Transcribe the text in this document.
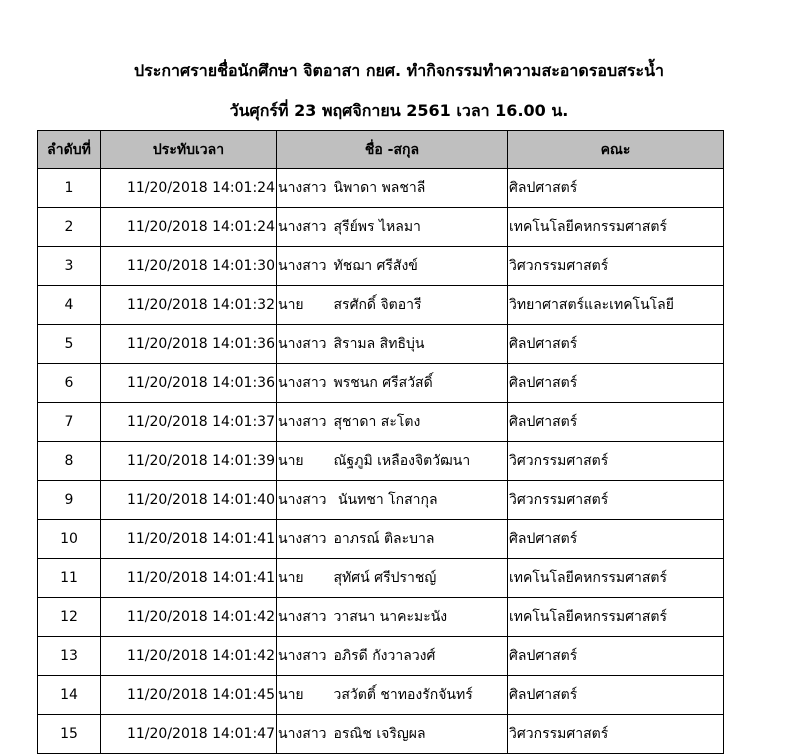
ประกาศรายชื่อนักศึกษา จิตอาสา กยศ. ทำกิจกรรมทำความสะอาดรอบสระน้ำ
วันศุกร์ที่ 23 พฤศจิกายน 2561 เวลา 16.00 น.
ลำดับที่	ประทับเวลา	ชื่อ -สกุล		คณะ
1	11/20/2018 14:01:24	นางสาว	นิพาดา พลชาลี	ศิลปศาสตร์
2	11/20/2018 14:01:24	นางสาว	สุรีย์พร ไหลมา	เทคโนโลยีคหกรรมศาสตร์
3	11/20/2018 14:01:30	นางสาว	ทัชฌา ศรีสังข์	วิศวกรรมศาสตร์
4	11/20/2018 14:01:32	นาย	สรศักดิ์ จิตอารี	วิทยาศาสตร์และเทคโนโลยี
5	11/20/2018 14:01:36	นางสาว	สิรามล สิทธิบุ่น	ศิลปศาสตร์
6	11/20/2018 14:01:36	นางสาว	พรชนก ศรีสวัสดิ์	ศิลปศาสตร์
7	11/20/2018 14:01:37	นางสาว	สุชาดา สะโตง	ศิลปศาสตร์
8	11/20/2018 14:01:39	นาย	ณัฐภูมิ เหลืองจิตวัฒนา	วิศวกรรมศาสตร์
9	11/20/2018 14:01:40	นางสาว	นันทชา โกสากุล	วิศวกรรมศาสตร์
10	11/20/2018 14:01:41	นางสาว	อาภรณ์ ติละบาล	ศิลปศาสตร์
11	11/20/2018 14:01:41	นาย	สุทัศน์ ศรีปราชญ์	เทคโนโลยีคหกรรมศาสตร์
12	11/20/2018 14:01:42	นางสาว	วาสนา นาคะมะนัง	เทคโนโลยีคหกรรมศาสตร์
13	11/20/2018 14:01:42	นางสาว	อภิรดี กังวาลวงศ์	ศิลปศาสตร์
14	11/20/2018 14:01:45	นาย	วสวัตติ์ ชาทองรักจันทร์	ศิลปศาสตร์
15	11/20/2018 14:01:47	นางสาว	อรณิช เจริญผล	วิศวกรรมศาสตร์
